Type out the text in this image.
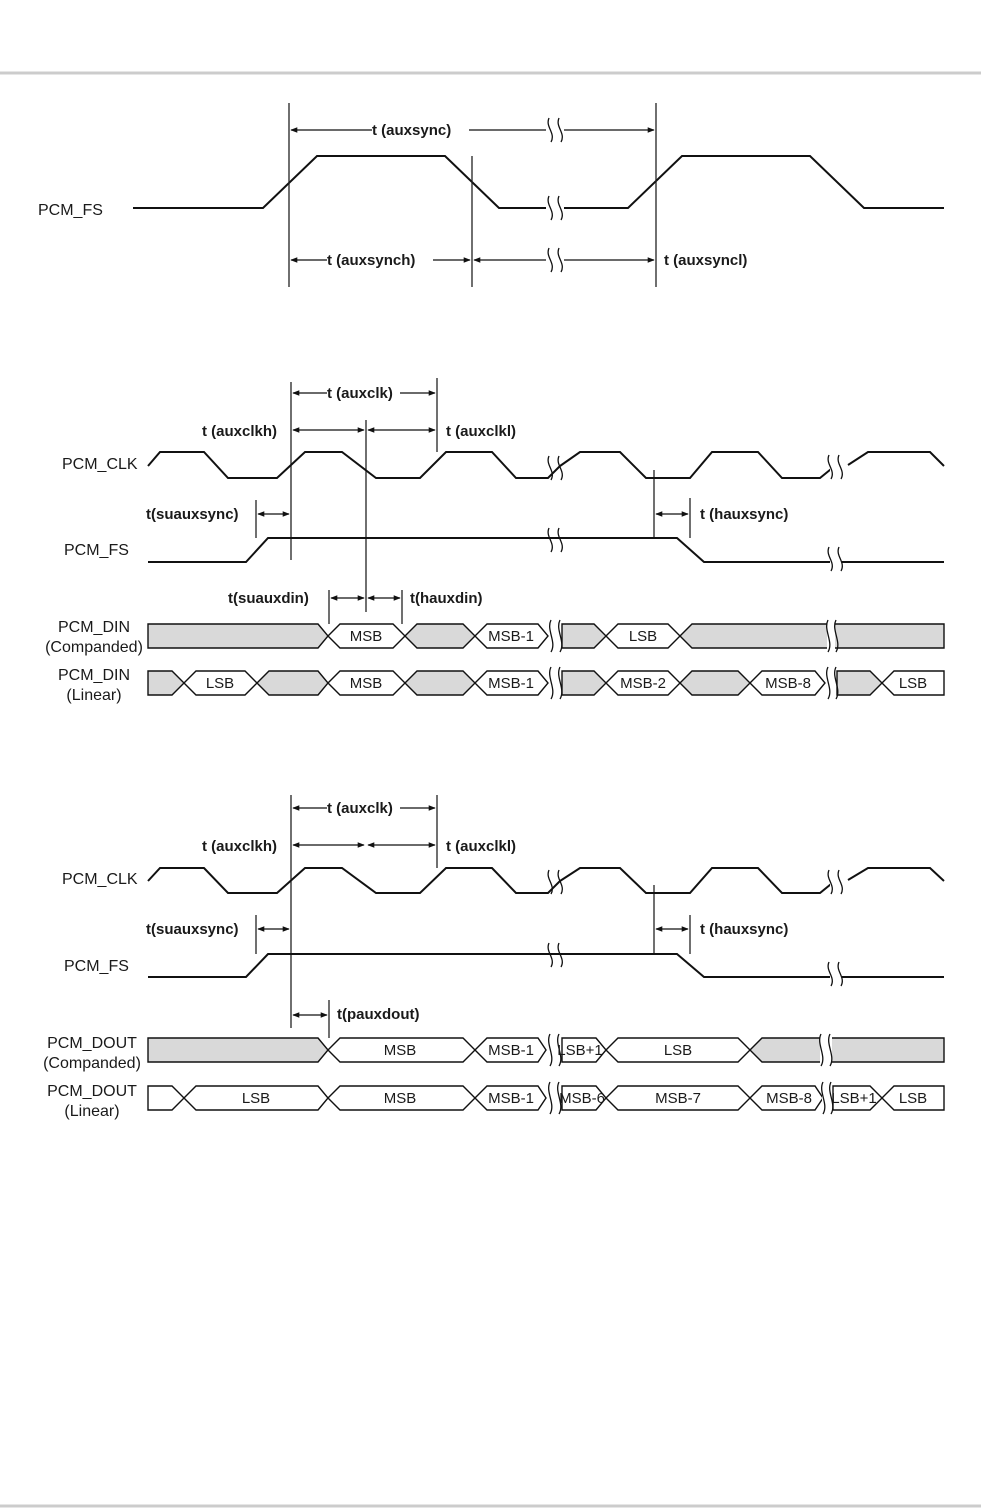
PCM_FS
t (auxsync)
t (auxsynch)	t (auxsyncl)
t (auxclk)
t (auxclkh)	t (auxclkl)
PCM_CLK
t(suauxsync)	t (hauxsync)
PCM_FS
t(suauxdin)	t(hauxdin)
PCM_DIN
(Companded)
MSB	MSB-1	LSB
PCM_DIN
(Linear)
LSB	MSB	MSB-1	MSB-2	MSB-8	LSB
t (auxclk)
t (auxclkh)	t (auxclkl)
PCM_CLK
t(suauxsync)	t (hauxsync)
PCM_FS
t(pauxdout)
PCM_DOUT
(Companded)
MSB	MSB-1 LSB+1	LSB
PCM_DOUT
(Linear)
LSB	MSB	MSB-1 MSB-6	MSB-7	MSB-8 LSB+1 LSB
